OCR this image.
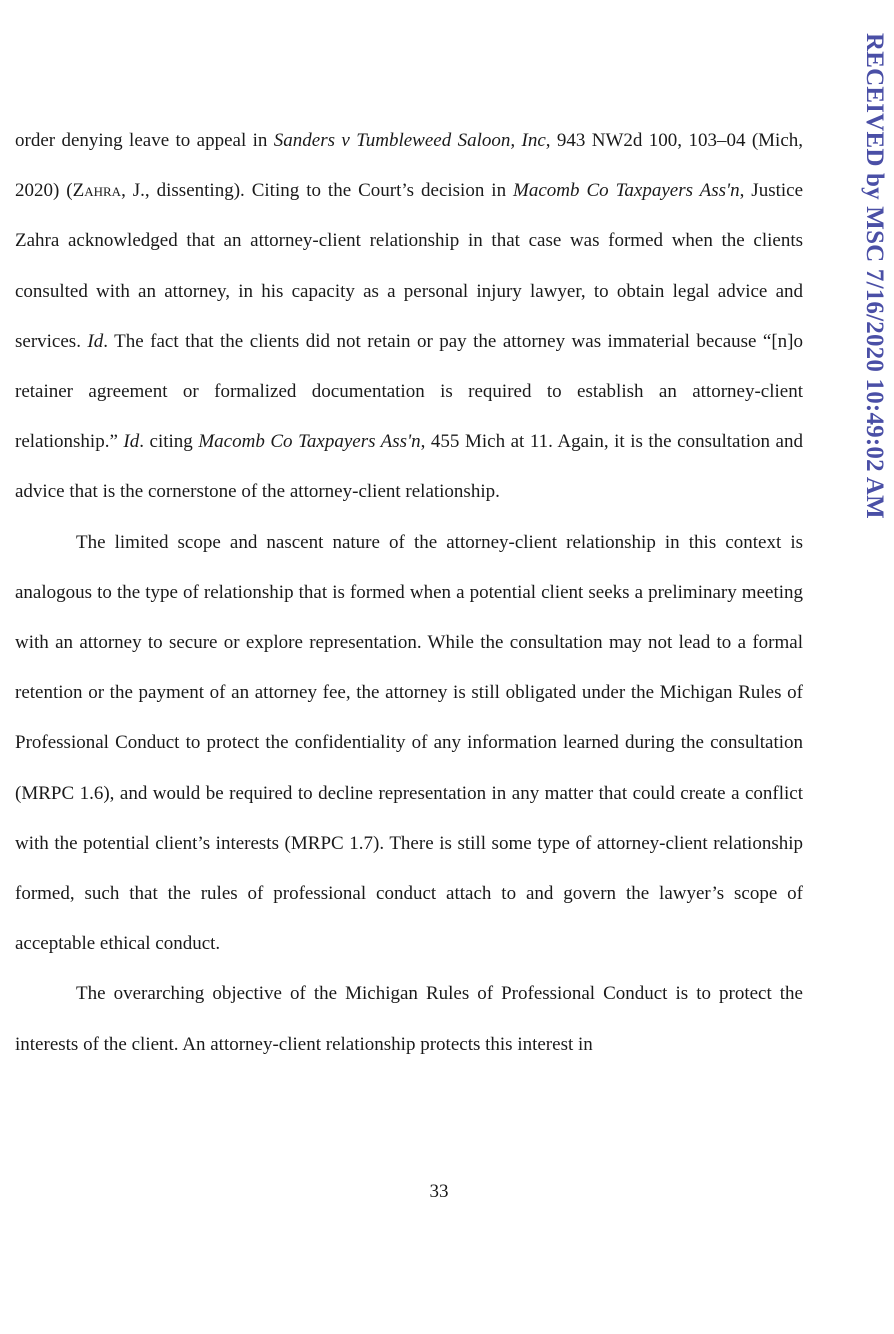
RECEIVED by MSC 7/16/2020 10:49:02 AM

order denying leave to appeal in Sanders v Tumbleweed Saloon, Inc, 943 NW2d 100, 103–04 (Mich, 2020) (Zahra, J., dissenting). Citing to the Court’s decision in Macomb Co Taxpayers Ass'n, Justice Zahra acknowledged that an attorney-client relationship in that case was formed when the clients consulted with an attorney, in his capacity as a personal injury lawyer, to obtain legal advice and services. Id. The fact that the clients did not retain or pay the attorney was immaterial because “[n]o retainer agreement or formalized documentation is required to establish an attorney-client relationship.” Id. citing Macomb Co Taxpayers Ass'n, 455 Mich at 11. Again, it is the consultation and advice that is the cornerstone of the attorney-client relationship.

The limited scope and nascent nature of the attorney-client relationship in this context is analogous to the type of relationship that is formed when a potential client seeks a preliminary meeting with an attorney to secure or explore representation. While the consultation may not lead to a formal retention or the payment of an attorney fee, the attorney is still obligated under the Michigan Rules of Professional Conduct to protect the confidentiality of any information learned during the consultation (MRPC 1.6), and would be required to decline representation in any matter that could create a conflict with the potential client’s interests (MRPC 1.7). There is still some type of attorney-client relationship formed, such that the rules of professional conduct attach to and govern the lawyer’s scope of acceptable ethical conduct.

The overarching objective of the Michigan Rules of Professional Conduct is to protect the interests of the client. An attorney-client relationship protects this interest in

33
